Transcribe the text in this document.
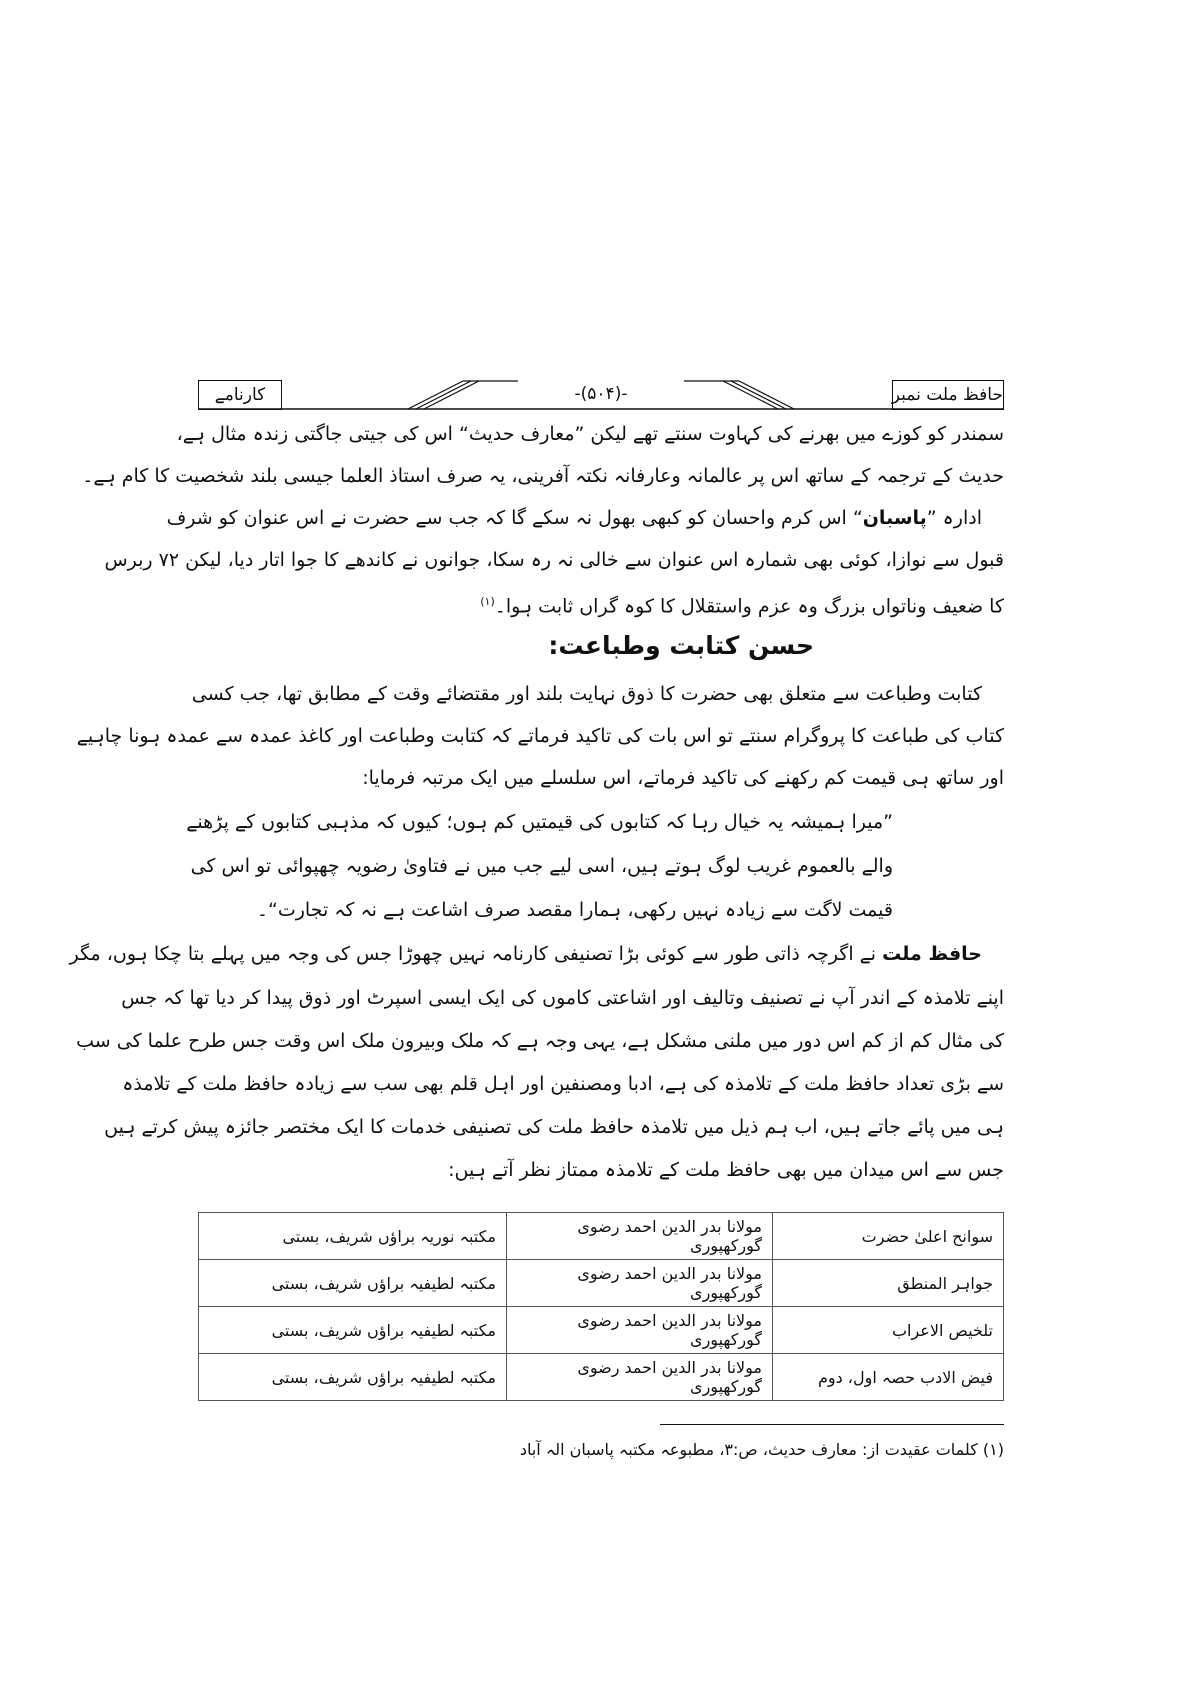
حافظ ملت نمبر
-(۵۰۴)-
کارنامے
سمندر کو کوزے میں بھرنے کی کہاوت سنتے تھے لیکن ”معارف حدیث“ اس کی جیتی جاگتی زندہ مثال ہے،
حدیث کے ترجمہ کے ساتھ اس پر عالمانہ وعارفانہ نکتہ آفرینی، یہ صرف استاذ العلما جیسی بلند شخصیت کا کام ہے۔
ادارہ ”پاسبان“ اس کرم واحسان کو کبھی بھول نہ سکے گا کہ جب سے حضرت نے اس عنوان کو شرف
قبول سے نوازا، کوئی بھی شمارہ اس عنوان سے خالی نہ رہ سکا، جوانوں نے کاندھے کا جوا اتار دیا، لیکن ۷۲ ربرس
کا ضعیف وناتواں بزرگ وہ عزم واستقلال کا کوہ گراں ثابت ہوا۔$^{(۱)}$
حسن کتابت وطباعت:
کتابت وطباعت سے متعلق بھی حضرت کا ذوق نہایت بلند اور مقتضائے وقت کے مطابق تھا، جب کسی
کتاب کی طباعت کا پروگرام سنتے تو اس بات کی تاکید فرماتے کہ کتابت وطباعت اور کاغذ عمدہ سے عمدہ ہونا چاہیے
اور ساتھ ہی قیمت کم رکھنے کی تاکید فرماتے، اس سلسلے میں ایک مرتبہ فرمایا:
”میرا ہمیشہ یہ خیال رہا کہ کتابوں کی قیمتیں کم ہوں؛ کیوں کہ مذہبی کتابوں کے پڑھنے
والے بالعموم غریب لوگ ہوتے ہیں، اسی لیے جب میں نے فتاویٰ رضویہ چھپوائی تو اس کی
قیمت لاگت سے زیادہ نہیں رکھی، ہمارا مقصد صرف اشاعت ہے نہ کہ تجارت“۔
حافظ ملت نے اگرچہ ذاتی طور سے کوئی بڑا تصنیفی کارنامہ نہیں چھوڑا جس کی وجہ میں پہلے بتا چکا ہوں، مگر
اپنے تلامذہ کے اندر آپ نے تصنیف وتالیف اور اشاعتی کاموں کی ایک ایسی اسپرٹ اور ذوق پیدا کر دیا تھا کہ جس
کی مثال کم از کم اس دور میں ملنی مشکل ہے، یہی وجہ ہے کہ ملک وبیرون ملک اس وقت جس طرح علما کی سب
سے بڑی تعداد حافظ ملت کے تلامذہ کی ہے، ادبا ومصنفین اور اہل قلم بھی سب سے زیادہ حافظ ملت کے تلامذہ
ہی میں پائے جاتے ہیں، اب ہم ذیل میں تلامذہ حافظ ملت کی تصنیفی خدمات کا ایک مختصر جائزہ پیش کرتے ہیں
جس سے اس میدان میں بھی حافظ ملت کے تلامذہ ممتاز نظر آتے ہیں:
سوانح اعلیٰ حضرت	مولانا بدر الدین احمد رضوی گورکھپوری	مکتبہ نوریہ براؤں شریف، بستی
جواہر المنطق	مولانا بدر الدین احمد رضوی گورکھپوری	مکتبہ لطیفیہ براؤں شریف، بستی
تلخیص الاعراب	مولانا بدر الدین احمد رضوی گورکھپوری	مکتبہ لطیفیہ براؤں شریف، بستی
فیض الادب حصہ اول، دوم	مولانا بدر الدین احمد رضوی گورکھپوری	مکتبہ لطیفیہ براؤں شریف، بستی
(۱) کلمات عقیدت از: معارف حدیث، ص:۳، مطبوعہ مکتبہ پاسبان الہ آباد
